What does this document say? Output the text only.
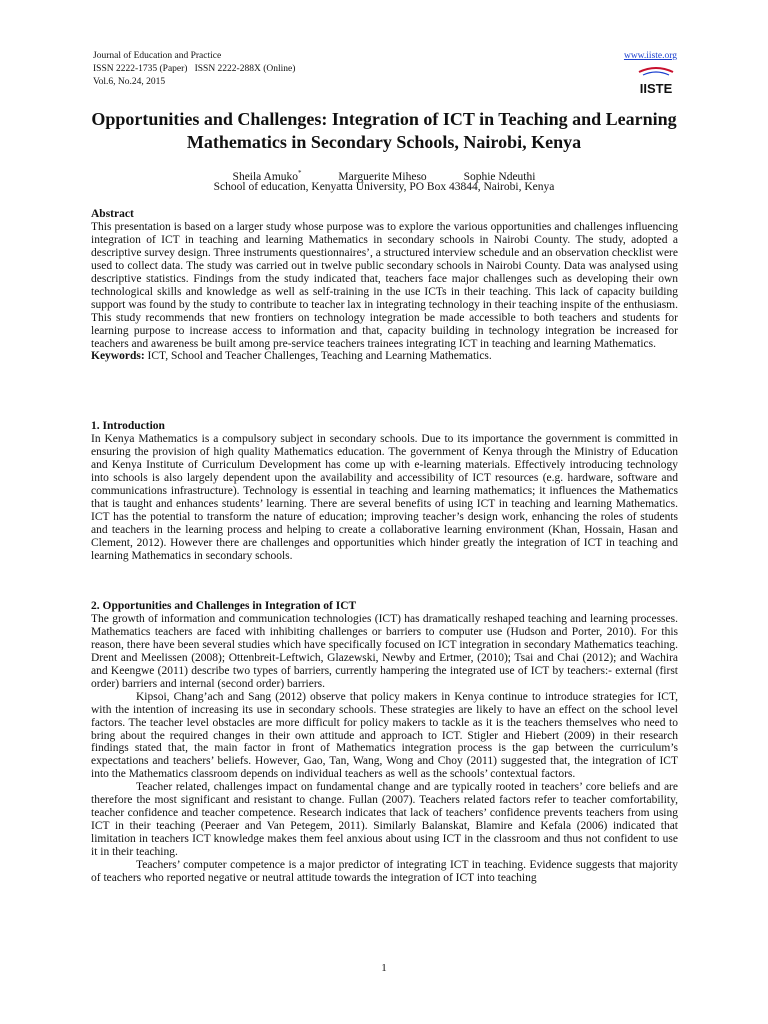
Journal of Education and Practice
ISSN 2222-1735 (Paper)   ISSN 2222-288X (Online)
Vol.6, No.24, 2015
www.iiste.org
IISTE
Opportunities and Challenges: Integration of ICT in Teaching and Learning Mathematics in Secondary Schools, Nairobi, Kenya
Sheila Amuko*	Marguerite Miheso	Sophie Ndeuthi
School of education, Kenyatta University, PO Box 43844, Nairobi, Kenya

Abstract

This presentation is based on a larger study whose purpose was to explore the various opportunities and challenges influencing integration of ICT in teaching and learning Mathematics in secondary schools in Nairobi County. The study, adopted a descriptive survey design. Three instruments questionnaires’, a structured interview schedule and an observation checklist were used to collect data. The study was carried out in twelve public secondary schools in Nairobi County. Data was analysed using descriptive statistics. Findings from the study indicated that, teachers face major challenges such as developing their own technological skills and knowledge as well as self-training in the use ICTs in their teaching. This lack of capacity building support was found by the study to contribute to teacher lax in integrating technology in their teaching inspite of the enthusiasm. This study recommends that new frontiers on technology integration be made accessible to both teachers and students for learning purpose to increase access to information and that, capacity building in technology integration be increased for teachers and awareness be built among pre-service teachers trainees integrating ICT in teaching and learning Mathematics.

Keywords: ICT, School and Teacher Challenges, Teaching and Learning Mathematics.

1. Introduction

In Kenya Mathematics is a compulsory subject in secondary schools. Due to its importance the government is committed in ensuring the provision of high quality Mathematics education. The government of Kenya through the Ministry of Education and Kenya Institute of Curriculum Development has come up with e-learning materials. Effectively introducing technology into schools is also largely dependent upon the availability and accessibility of ICT resources (e.g. hardware, software and communications infrastructure). Technology is essential in teaching and learning mathematics; it influences the Mathematics that is taught and enhances students’ learning. There are several benefits of using ICT in teaching and learning Mathematics. ICT has the potential to transform the nature of education; improving teacher’s design work, enhancing the roles of students and teachers in the learning process and helping to create a collaborative learning environment (Khan, Hossain, Hasan and Clement, 2012). However there are challenges and opportunities which hinder greatly the integration of ICT in teaching and learning Mathematics in secondary schools.

2. Opportunities and Challenges in Integration of ICT

The growth of information and communication technologies (ICT) has dramatically reshaped teaching and learning processes. Mathematics teachers are faced with inhibiting challenges or barriers to computer use (Hudson and Porter, 2010). For this reason, there have been several studies which have specifically focused on ICT integration in secondary Mathematics teaching. Drent and Meelissen (2008); Ottenbreit-Leftwich, Glazewski, Newby and Ertmer, (2010); Tsai and Chai (2012); and Wachira and Keengwe (2011) describe two types of barriers, currently hampering the integrated use of ICT by teachers:- external (first order) barriers and internal (second order) barriers.

Kipsoi, Chang’ach and Sang (2012) observe that policy makers in Kenya continue to introduce strategies for ICT, with the intention of increasing its use in secondary schools. These strategies are likely to have an effect on the school level factors. The teacher level obstacles are more difficult for policy makers to tackle as it is the teachers themselves who need to bring about the required changes in their own attitude and approach to ICT. Stigler and Hiebert (2009) in their research findings stated that, the main factor in front of Mathematics integration process is the gap between the curriculum’s expectations and teachers’ beliefs. However, Gao, Tan, Wang, Wong and Choy (2011) suggested that, the integration of ICT into the Mathematics classroom depends on individual teachers as well as the schools’ contextual factors.

Teacher related, challenges impact on fundamental change and are typically rooted in teachers’ core beliefs and are therefore the most significant and resistant to change. Fullan (2007). Teachers related factors refer to teacher comfortability, teacher confidence and teacher competence. Research indicates that lack of teachers’ confidence prevents teachers from using ICT in their teaching (Peeraer and Van Petegem, 2011). Similarly Balanskat, Blamire and Kefala (2006) indicated that limitation in teachers ICT knowledge makes them feel anxious about using ICT in the classroom and thus not confident to use it in their teaching.

Teachers’ computer competence is a major predictor of integrating ICT in teaching. Evidence suggests that majority of teachers who reported negative or neutral attitude towards the integration of ICT into teaching

1
